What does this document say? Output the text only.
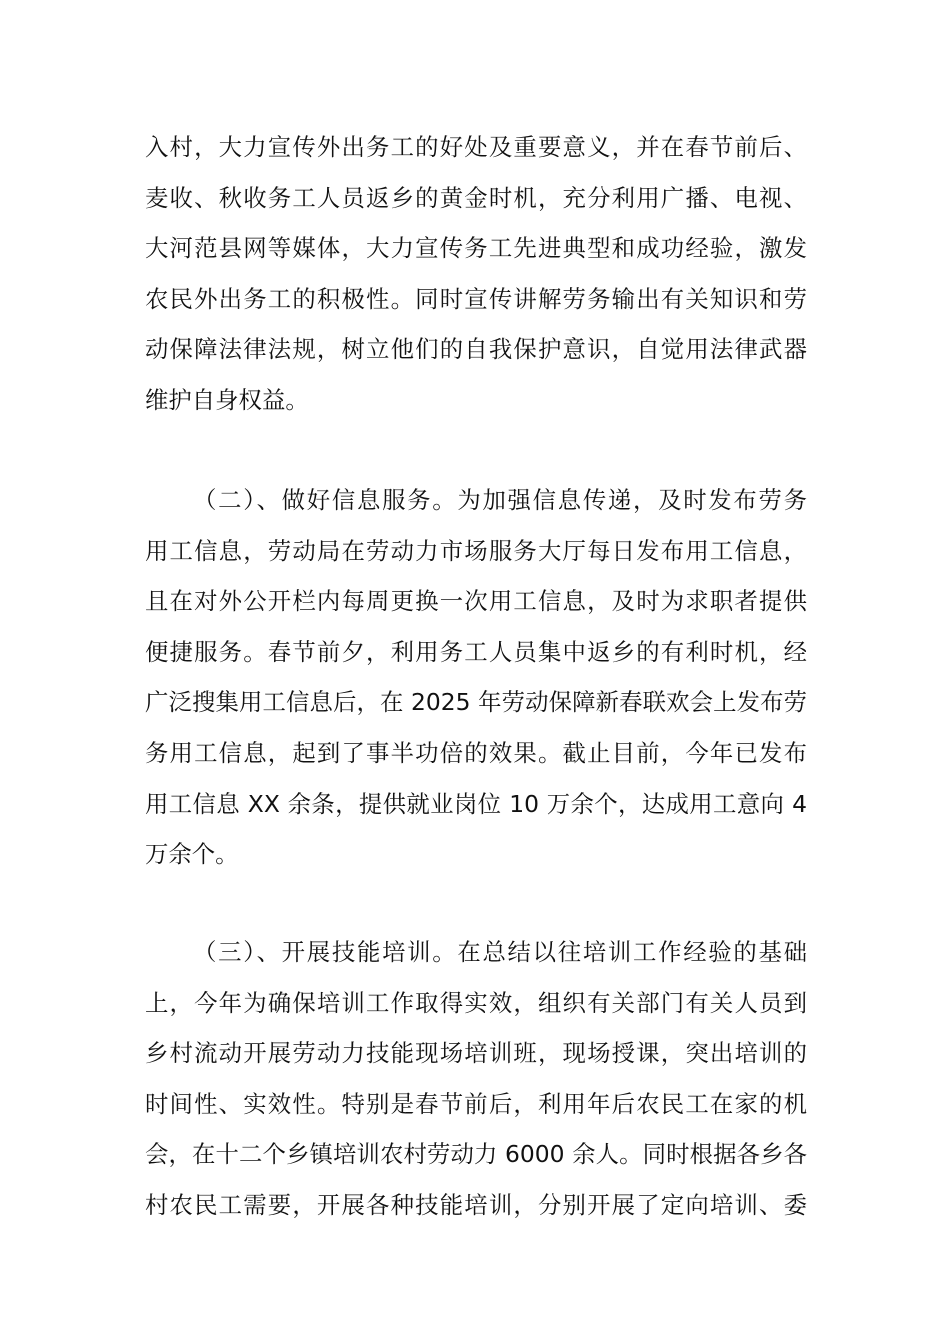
入村，大力宣传外出务工的好处及重要意义，并在春节前后、
麦收、秋收务工人员返乡的黄金时机，充分利用广播、电视、
大河范县网等媒体，大力宣传务工先进典型和成功经验，激发
农民外出务工的积极性。同时宣传讲解劳务输出有关知识和劳
动保障法律法规，树立他们的自我保护意识，自觉用法律武器
维护自身权益。
（二）、做好信息服务。为加强信息传递，及时发布劳务
用工信息，劳动局在劳动力市场服务大厅每日发布用工信息，
且在对外公开栏内每周更换一次用工信息，及时为求职者提供
便捷服务。春节前夕，利用务工人员集中返乡的有利时机，经
广泛搜集用工信息后，在 2025 年劳动保障新春联欢会上发布劳
务用工信息，起到了事半功倍的效果。截止目前，今年已发布
用工信息 XX 余条，提供就业岗位 10 万余个，达成用工意向 4
万余个。
（三）、开展技能培训。在总结以往培训工作经验的基础
上，今年为确保培训工作取得实效，组织有关部门有关人员到
乡村流动开展劳动力技能现场培训班，现场授课，突出培训的
时间性、实效性。特别是春节前后，利用年后农民工在家的机
会，在十二个乡镇培训农村劳动力 6000 余人。同时根据各乡各
村农民工需要，开展各种技能培训，分别开展了定向培训、委
